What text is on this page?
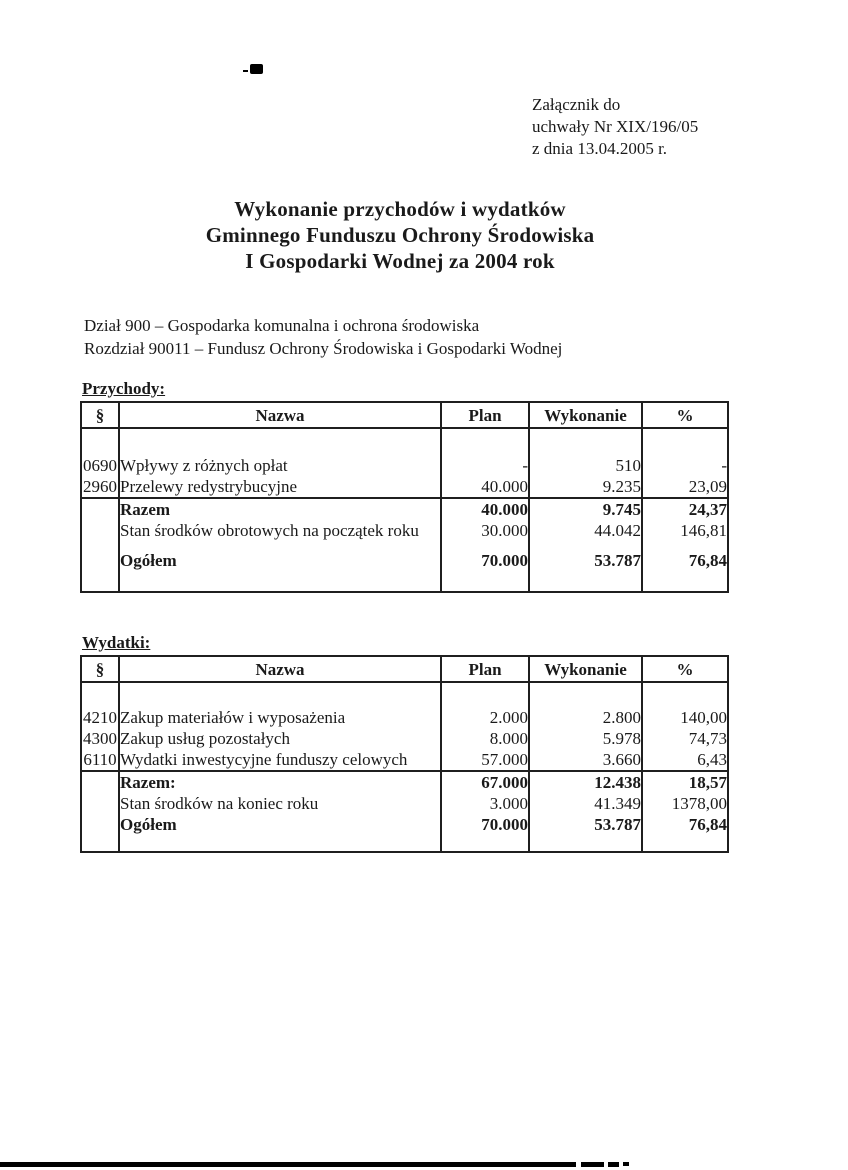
Załącznik do
uchwały Nr XIX/196/05
z dnia 13.04.2005 r.
Wykonanie przychodów i wydatków
Gminnego Funduszu Ochrony Środowiska
I Gospodarki Wodnej za 2004 rok
Dział 900 – Gospodarka komunalna i ochrona środowiska
Rozdział 90011 – Fundusz Ochrony Środowiska i Gospodarki Wodnej
Przychody:
§	Nazwa	Plan	Wykonanie	%

0690	Wpływy z różnych opłat	-	510	-
2960	Przelewy redystrybucyjne	40.000	9.235	23,09
	Razem	40.000	9.745	24,37
	Stan środków obrotowych na początek roku	30.000	44.042	146,81
	Ogółem	70.000	53.787	76,84

Wydatki:
§	Nazwa	Plan	Wykonanie	%

4210	Zakup materiałów i wyposażenia	2.000	2.800	140,00
4300	Zakup usług pozostałych	8.000	5.978	74,73
6110	Wydatki inwestycyjne funduszy celowych	57.000	3.660	6,43
	Razem:	67.000	12.438	18,57
	Stan środków na koniec roku	3.000	41.349	1378,00
	Ogółem	70.000	53.787	76,84
